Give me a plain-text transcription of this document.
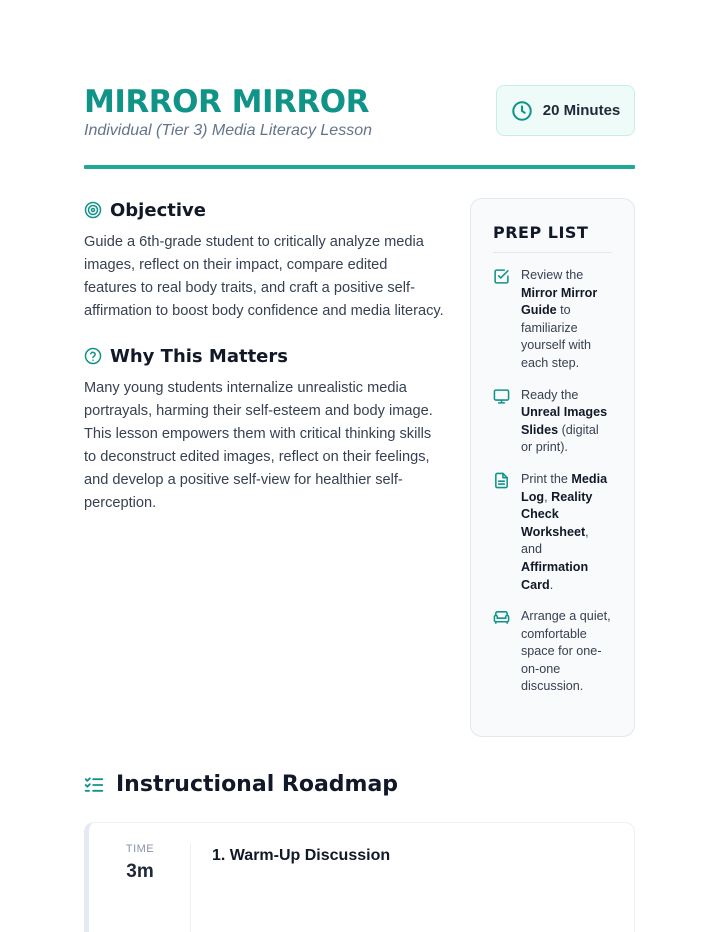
MIRROR MIRROR
Individual (Tier 3) Media Literacy Lesson
20 Minutes
Objective

Guide a 6th-grade student to critically analyze media images, reflect on their impact, compare edited features to real body traits, and craft a positive self-affirmation to boost body confidence and media literacy.

Why This Matters

Many young students internalize unrealistic media portrayals, harming their self-esteem and body image. This lesson empowers them with critical thinking skills to deconstruct edited images, reflect on their feelings, and develop a positive self-view for healthier self-perception.

PREP LIST
Review the Mirror Mirror Guide to familiarize yourself with each step.
Ready the Unreal Images Slides (digital or print).
Print the Media Log, Reality Check Worksheet, and Affirmation Card.
Arrange a quiet, comfortable space for one-on-one discussion.
Instructional Roadmap
TIME
3m
1. Warm-Up Discussion
